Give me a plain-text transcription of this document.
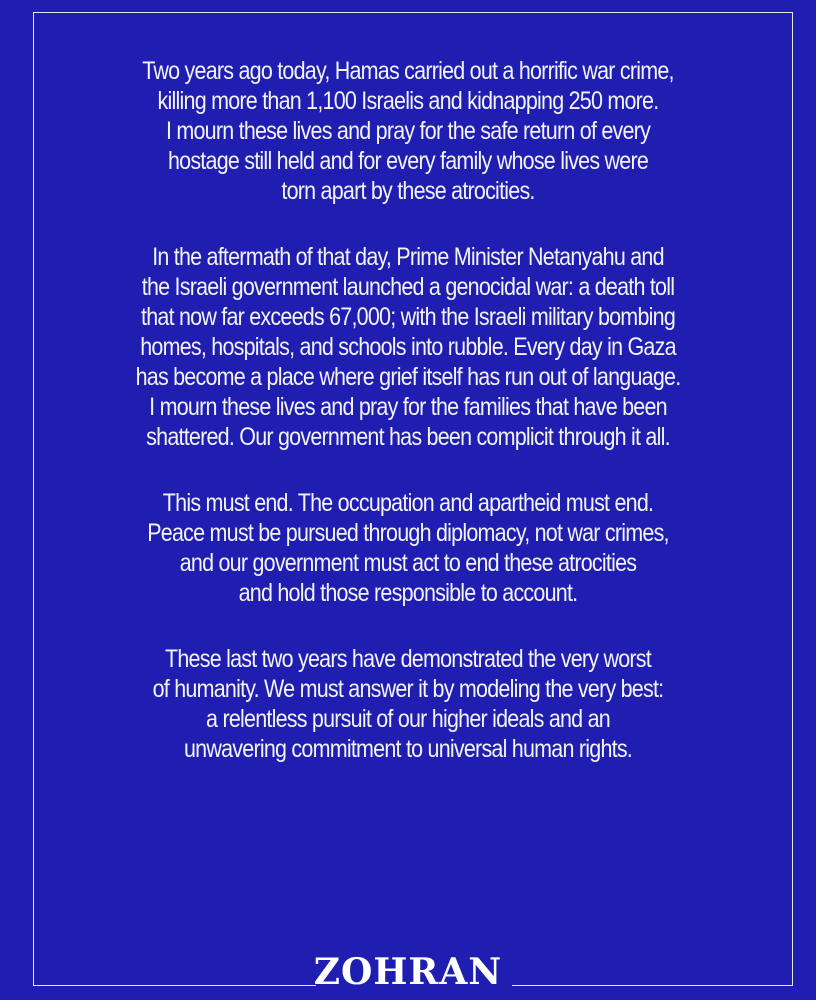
Two years ago today, Hamas carried out a horrific war crime,
killing more than 1,100 Israelis and kidnapping 250 more.
I mourn these lives and pray for the safe return of every
hostage still held and for every family whose lives were
torn apart by these atrocities.

In the aftermath of that day, Prime Minister Netanyahu and
the Israeli government launched a genocidal war: a death toll
that now far exceeds 67,000; with the Israeli military bombing
homes, hospitals, and schools into rubble. Every day in Gaza
has become a place where grief itself has run out of language.
I mourn these lives and pray for the families that have been
shattered. Our government has been complicit through it all.

This must end. The occupation and apartheid must end.
Peace must be pursued through diplomacy, not war crimes,
and our government must act to end these atrocities
and hold those responsible to account.

These last two years have demonstrated the very worst
of humanity. We must answer it by modeling the very best:
a relentless pursuit of our higher ideals and an
unwavering commitment to universal human rights.

ZOHRAN
